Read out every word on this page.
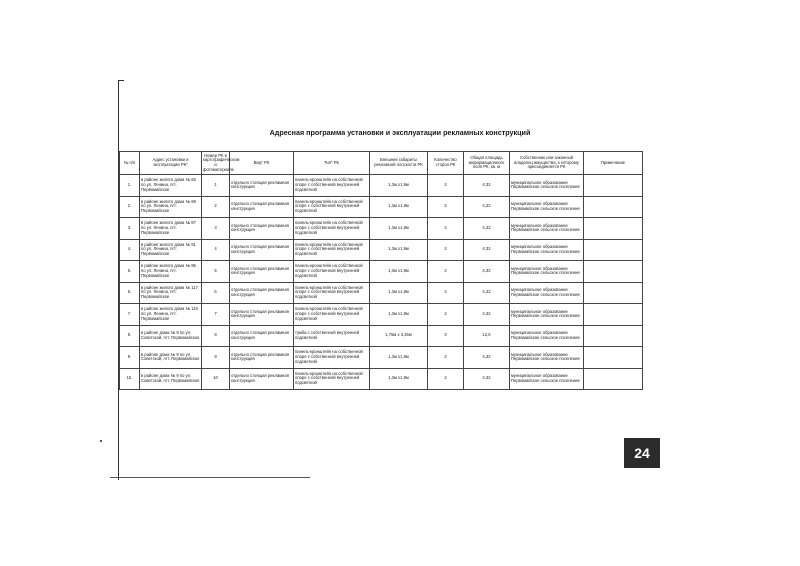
Адресная программа установки и эксплуатации рекламных конструкций
№ п/п	Адрес установки и эксплуатации РК*	Номер РК в картографическом и фотоматериале	Вид* РК	Тип* РК	Внешние габариты рекламной плоскости РК	Количество сторон РК	Общая площадь информационного поля РК, кв. м	Собственник или законный владелец имущества, к которому присоединяется РК	Примечание
1.	в районе жилого дома № 65 по ул. Ленина, пгт. Первомайское	1	отдельно стоящая рекламная конструкция	панель-кронштейн на собственной опоре с собственной внутренней подсветкой	1,3м х1,9м	2	4,32	муниципальное образование Первомайское сельское поселение	
2.	в районе жилого дома № 69 по ул. Ленина, пгт. Первомайское	2	отдельно стоящая рекламная конструкция	панель-кронштейн на собственной опоре с собственной внутренней подсветкой	1,3м х1,9м	2	4,32	муниципальное образование Первомайское сельское поселение	
3.	в районе жилого дома № 87 по ул. Ленина, пгт. Первомайское	3	отдельно стоящая рекламная конструкция	панель-кронштейн на собственной опоре с собственной внутренней подсветкой	1,3м х1,9м	2	4,32	муниципальное образование Первомайское сельское поселение	
4.	в районе жилого дома № 91 по ул. Ленина, пгт. Первомайское	4	отдельно стоящая рекламная конструкция	панель-кронштейн на собственной опоре с собственной внутренней подсветкой	1,3м х1,9м	2	4,32	муниципальное образование Первомайское сельское поселение	
5.	в районе жилого дома № 95 по ул. Ленина, пгт. Первомайское	5	отдельно стоящая рекламная конструкция	панель-кронштейн на собственной опоре с собственной внутренней подсветкой	1,3м х1,9м	2	4,32	муниципальное образование Первомайское сельское поселение	
6.	в районе жилого дома № 117 по ул. Ленина, пгт. Первомайское	6	отдельно стоящая рекламная конструкция	панель-кронштейн на собственной опоре с собственной внутренней подсветкой	1,3м х1,9м	2	4,32	муниципальное образование Первомайское сельское поселение	
7.	в районе жилого дома № 119 по ул. Ленина, пгт. Первомайское	7	отдельно стоящая рекламная конструкция	панель-кронштейн на собственной опоре с собственной внутренней подсветкой	1,3м х1,9м	2	4,32	муниципальное образование Первомайское сельское поселение	
8.	в районе дома № 9 по ул. Советской, пгт. Первомайское	8	отдельно стоящая рекламная конструкция	тумба с собственной внутренней подсветкой	1,75м х 3,45м	3	12,6	муниципальное образование Первомайское сельское поселение	
9.	в районе дома № 9 по ул. Советской, пгт. Первомайское	9	отдельно стоящая рекламная конструкция	панель-кронштейн на собственной опоре с собственной внутренней подсветкой	1,3м х1,9м	2	4,32	муниципальное образование Первомайское сельское поселение	
10.	в районе дома № 9 по ул. Советской, пгт. Первомайское	10	отдельно стоящая рекламная конструкция	панель-кронштейн на собственной опоре с собственной внутренней подсветкой	1,3м х1,9м	2	4,32	муниципальное образование Первомайское сельское поселение	
24
